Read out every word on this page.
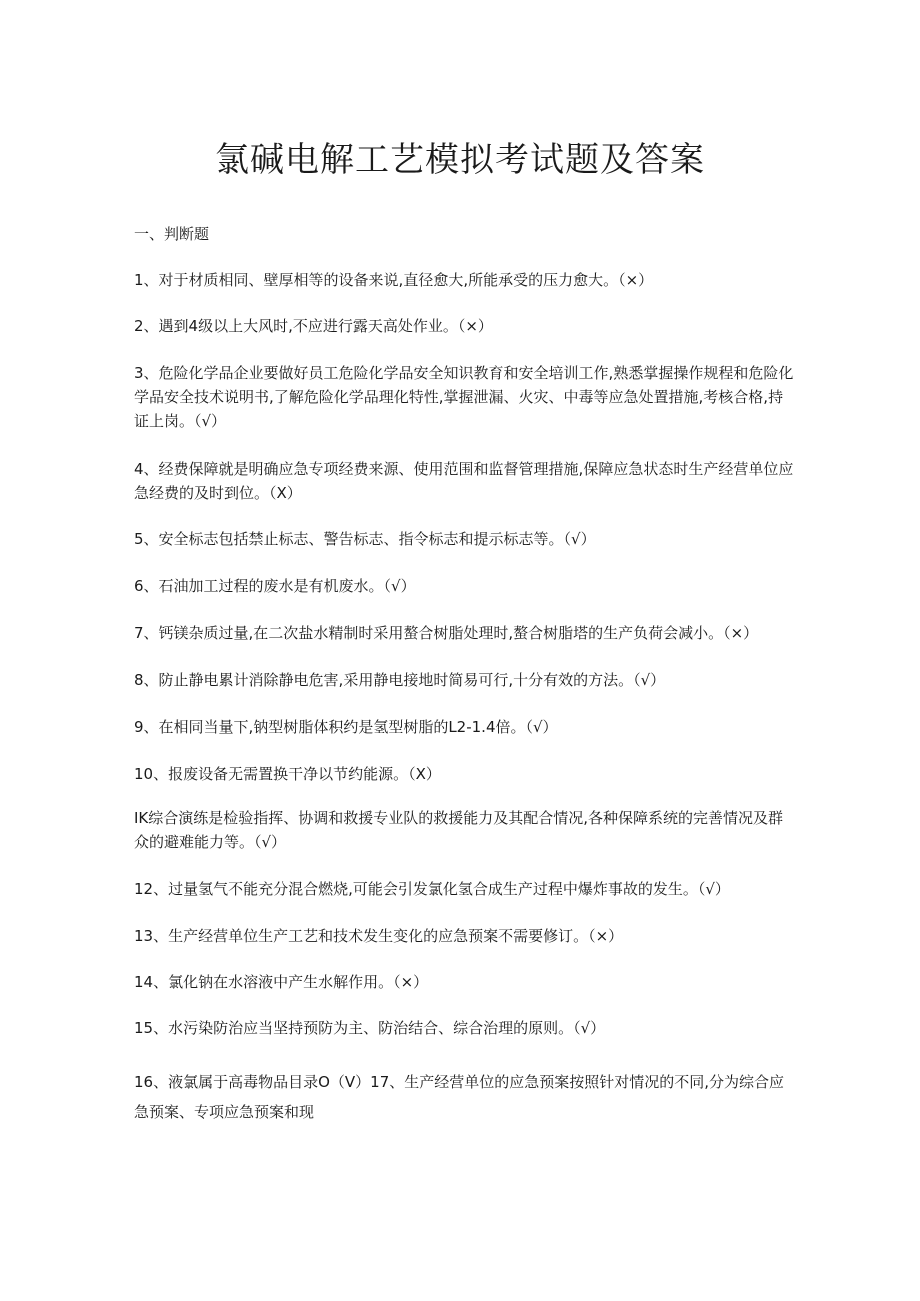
氯碱电解工艺模拟考试题及答案
一、判断题

1、对于材质相同、壁厚相等的设备来说,直径愈大,所能承受的压力愈大。（×）

2、遇到4级以上大风时,不应进行露天高处作业。（×）

3、危险化学品企业要做好员工危险化学品安全知识教育和安全培训工作,熟悉掌握操作规程和危险化学品安全技术说明书,了解危险化学品理化特性,掌握泄漏、火灾、中毒等应急处置措施,考核合格,持证上岗。（√）

4、经费保障就是明确应急专项经费来源、使用范围和监督管理措施,保障应急状态时生产经营单位应急经费的及时到位。（X）

5、安全标志包括禁止标志、警告标志、指令标志和提示标志等。（√）

6、石油加工过程的废水是有机废水。（√）

7、钙镁杂质过量,在二次盐水精制时采用螯合树脂处理时,螯合树脂塔的生产负荷会减小。（×）

8、防止静电累计消除静电危害,采用静电接地时简易可行,十分有效的方法。（√）

9、在相同当量下,钠型树脂体积约是氢型树脂的L2-1.4倍。（√）

10、报废设备无需置换干净以节约能源。（X）

IK综合演练是检验指挥、协调和救援专业队的救援能力及其配合情况,各种保障系统的完善情况及群众的避难能力等。（√）

12、过量氢气不能充分混合燃烧,可能会引发氯化氢合成生产过程中爆炸事故的发生。（√）

13、生产经营单位生产工艺和技术发生变化的应急预案不需要修订。（×）

14、氯化钠在水溶液中产生水解作用。（×）

15、水污染防治应当坚持预防为主、防治结合、综合治理的原则。（√）

16、液氯属于高毒物品目录O（V）17、生产经营单位的应急预案按照针对情况的不同,分为综合应急预案、专项应急预案和现
